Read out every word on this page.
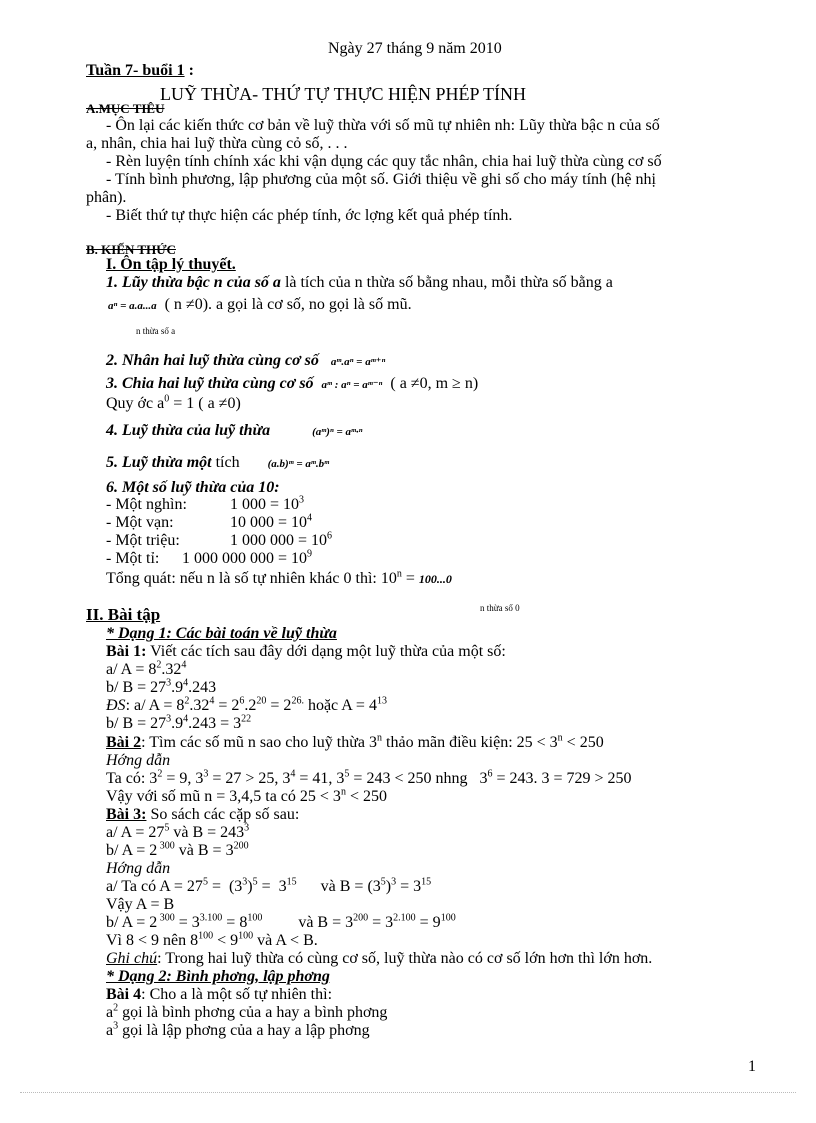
Ngày 27 tháng 9 năm 2010
Tuần 7- buổi 1 :
LUỸ THỪA- THỨ TỰ THỰC HIỆN PHÉP TÍNH
A.MỤC TIÊU
- Ôn lại các kiến thức cơ bản về luỹ thừa với số mũ tự nhiên nh: Lũy thừa bậc n của số
a, nhân, chia hai luỹ thừa cùng cỏ số, . . .
- Rèn luyện tính chính xác khi vận dụng các quy tắc nhân, chia hai luỹ thừa cùng cơ số
- Tính bình phương, lập phương của một số. Giới thiệu về ghi số cho máy tính (hệ nhị
phân).
- Biết thứ tự thực hiện các phép tính, ớc lợng kết quả phép tính.
B. KIẾN THỨC
I. Ôn tập lý thuyết.
1. Lũy thừa bậc n của số a là tích của n thừa số bằng nhau, mỗi thừa số bằng a
aⁿ = a.a...a ( n ≠0). a gọi là cơ số, no gọi là số mũ.
n thừa số a
2. Nhân hai luỹ thừa cùng cơ số aᵐ.aⁿ = aᵐ⁺ⁿ
3. Chia hai luỹ thừa cùng cơ số aᵐ : aⁿ = aᵐ⁻ⁿ ( a ≠0, m ≥ n)
Quy ớc $a^0 = 1$ ( a ≠0)
4. Luỹ thừa của luỹ thừa	(aᵐ)ⁿ = aᵐ·ⁿ
5. Luỹ thừa một tích	(a.b)ᵐ = aᵐ.bᵐ
6. Một số luỹ thừa của 10:
- Một nghìn:	1 $000 = 10^3$
- Một vạn:	10 $000 = 10^4$
- Một triệu:	1 000 $000 = 10^6$
- Một tỉ: 1 000 000 $000 = 10^9$
Tổng quát: nếu n là số tự nhiên khác 0 thì: $10^n = 100...0$
n thừa số 0
II. Bài tập
* Dạng 1: Các bài toán về luỹ thừa
Bài 1: Viết các tích sau đây dới dạng một luỹ thừa của một số:
a/ $A = 8^2.32^4$
b/ $B = 27^3.9^4.243$
ĐS: a/ $A = 8^2.32^4 = 2^6.2^{20} = 2^{26.}$ hoặc $A = 4^{13}$
b/ $B = 27^3.9^4.243 = 3^{22}$
Bài 2: Tìm các số mũ n sao cho luỹ thừa 3$^n$ thảo mãn điều kiện: $25 < 3^n < 250$
Hớng dẫn
Ta có: $3^2 = 9$, $3^3 = 27 > 25$, $3^4 = 41$, $3^5 = 243 < 250$ nhng   $3^6 = 243$. 3 = 729 > 250
Vậy với số mũ n = 3,4,5 ta có $25 < 3^n < 250$
Bài 3: So sách các cặp số sau:
a/ $A = 27^5$ và $B = 243^3$
b/ A = 2 $^{300}$ và $B = 3^{200}$
Hớng dẫn
a/ Ta có $A = 27^5 = (3^3)^5 = 3^{15}$      và $B = (3^5)^3 = 3^{15}$
Vậy A = B
b/ A = 2 $^{300} = 3^{3.100} = 8^{100}$         và $B = 3^{200} = 3^{2.100} = 9^{100}$
Vì 8 < 9 nên $8^{100} < 9^{100}$ và A < B.
Ghi chú: Trong hai luỹ thừa có cùng cơ số, luỹ thừa nào có cơ số lớn hơn thì lớn hơn.
* Dạng 2: Bình phơng, lập phơng
Bài 4: Cho a là một số tự nhiên thì:
$a^2$ gọi là bình phơng của a hay a bình phơng
$a^3$ gọi là lập phơng của a hay a lập phơng
1
